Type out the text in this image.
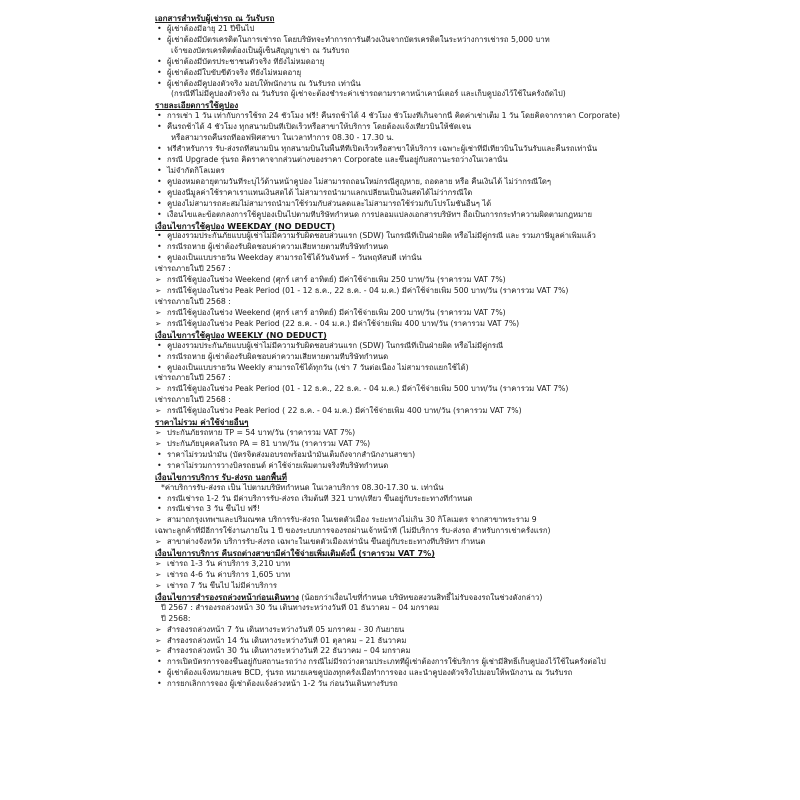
เอกสารสำหรับผู้เช่ารถ ณ วันรับรถ
• ผู้เช่าต้องมีอายุ 21 ปีขึ้นไป
• ผู้เช่าต้องมีบัตรเครดิตในการเช่ารถ โดยบริษัทจะทำการการันตีวงเงินจากบัตรเครดิตในระหว่างการเช่ารถ 5,000 บาท
เจ้าของบัตรเครดิตต้องเป็นผู้เซ็นสัญญาเช่า ณ วันรับรถ
• ผู้เช่าต้องมีบัตรประชาชนตัวจริง ที่ยังไม่หมดอายุ
• ผู้เช่าต้องมีใบขับขี่ตัวจริง ที่ยังไม่หมดอายุ
• ผู้เช่าต้องมีคูปองตัวจริง มอบให้พนักงาน ณ วันรับรถ เท่านั้น
(กรณีที่ไม่มีคูปองตัวจริง ณ วันรับรถ ผู้เช่าจะต้องชำระค่าเช่ารถตามราคาหน้าเคาน์เตอร์ และเก็บคูปองไว้ใช้ในครั้งถัดไป)
รายละเอียดการใช้คูปอง
• การเช่า 1 วัน เท่ากับการใช้รถ 24 ชั่วโมง ฟรี! คืนรถช้าได้ 4 ชั่วโมง ชั่วโมงที่เกินจากนี้ คิดค่าเช่าเต็ม 1 วัน โดยคิดจากราคา Corporate)
• คืนรถช้าได้ 4 ชั่วโมง ทุกสนามบินที่เปิดเร็วหรือสาขาให้บริการ โดยต้องแจ้งเที่ยวบินให้ชัดเจน
หรือสามารถคืนรถที่ออฟฟิศสาขา ในเวลาทำการ 08.30 - 17.30 น.
• ฟรีสำหรับการ รับ-ส่งรถที่สนามบิน ทุกสนามบินในพื้นที่ที่เปิดเร็วหรือสาขาให้บริการ เฉพาะผู้เช่าที่มีเที่ยวบินในวันรับและคืนรถเท่านั้น
• กรณี Upgrade รุ่นรถ คิดราคาจากส่วนต่างของราคา Corporate และขึ้นอยู่กับสถานะรถว่างในเวลานั้น
• ไม่จำกัดกิโลเมตร
• คูปองหมดอายุตามวันที่ระบุไว้ด้านหน้าคูปอง ไม่สามารถถอนใหม่กรณีสูญหาย, ถอดลาย หรือ คืนเงินได้ ไม่ว่ากรณีใดๆ
• คูปองนี้มูลค่าใช้ราคาเราแทนเงินสดได้ ไม่สามารถนำมาแลกเปลี่ยนเป็นเงินสดได้ไม่ว่ากรณีใด
• คูปองไม่สามารถสะสมไม่สามารถนำมาใช้ร่วมกับส่วนลดและไม่สามารถใช้ร่วมกับโปรโมชั่นอื่นๆ ได้
• เงื่อนไขและข้อตกลงการใช้คูปองเป็นไปตามที่บริษัทกำหนด การปลอมแปลงเอกสารบริษัทฯ ถือเป็นการกระทำความผิดตามกฎหมาย
เงื่อนไขการใช้คูปอง WEEKDAY (NO DEDUCT)
• คูปองรวมประกันภัยแบบผู้เช่าไม่มีความรับผิดชอบส่วนแรก (SDW) ในกรณีที่เป็นฝ่ายผิด หรือไม่มีคู่กรณี และ รวมภาษีมูลค่าเพิ่มแล้ว
• กรณีรถหาย ผู้เช่าต้องรับผิดชอบค่าความเสียหายตามที่บริษัทกำหนด
• คูปองเป็นแบบรายวัน Weekday สามารถใช้ได้วันจันทร์ – วันพฤหัสบดี เท่านั้น
เช่ารถภายในปี 2567 :
➢ กรณีใช้คูปองในช่วง Weekend (ศุกร์ เสาร์ อาทิตย์) มีค่าใช้จ่ายเพิ่ม 250 บาท/วัน (ราคารวม VAT 7%)
➢ กรณีใช้คูปองในช่วง Peak Period (01 - 12 ธ.ค., 22 ธ.ค. - 04 ม.ค.) มีค่าใช้จ่ายเพิ่ม 500 บาท/วัน (ราคารวม VAT 7%)
เช่ารถภายในปี 2568 :
➢ กรณีใช้คูปองในช่วง Weekend (ศุกร์ เสาร์ อาทิตย์) มีค่าใช้จ่ายเพิ่ม 200 บาท/วัน (ราคารวม VAT 7%)
➢ กรณีใช้คูปองในช่วง Peak Period (22 ธ.ค. - 04 ม.ค.) มีค่าใช้จ่ายเพิ่ม 400 บาท/วัน (ราคารวม VAT 7%)
เงื่อนไขการใช้คูปอง WEEKLY (NO DEDUCT)
• คูปองรวมประกันภัยแบบผู้เช่าไม่มีความรับผิดชอบส่วนแรก (SDW) ในกรณีที่เป็นฝ่ายผิด หรือไม่มีคู่กรณี
• กรณีรถหาย ผู้เช่าต้องรับผิดชอบค่าความเสียหายตามที่บริษัทกำหนด
• คูปองเป็นแบบรายวัน Weekly สามารถใช้ได้ทุกวัน (เช่า 7 วันต่อเนื่อง ไม่สามารถแยกใช้ได้)
เช่ารถภายในปี 2567 :
➢ กรณีใช้คูปองในช่วง Peak Period (01 - 12 ธ.ค., 22 ธ.ค. - 04 ม.ค.) มีค่าใช้จ่ายเพิ่ม 500 บาท/วัน (ราคารวม VAT 7%)
เช่ารถภายในปี 2568 :
➢ กรณีใช้คูปองในช่วง Peak Period ( 22 ธ.ค. - 04 ม.ค.) มีค่าใช้จ่ายเพิ่ม 400 บาท/วัน (ราคารวม VAT 7%)
ราคาไม่รวม ค่าใช้จ่ายอื่นๆ
➢ ประกันภัยรถหาย TP = 54 บาท/วัน (ราคารวม VAT 7%)
➢ ประกันภัยบุคคลในรถ PA = 81 บาท/วัน (ราคารวม VAT 7%)
• ราคาไม่รวมน้ำมัน (บัตรจิตส่งมอบรถพร้อมน้ำมันเต็มถังจากสำนักงานสาขา)
• ราคาไม่รวมการวางบิลรถยนต์ ค่าใช้จ่ายเพิ่มตามจริงที่บริษัทกำหนด
เงื่อนไขการบริการ รับ-ส่งรถ นอกพื้นที่
*ค่าบริการรับ-ส่งรถ เป็น ไปตามบริษัทกำหนด ในเวลาบริการ 08.30-17.30 น. เท่านั้น
• กรณีเช่ารถ 1-2 วัน มีค่าบริการรับ-ส่งรถ เริ่มต้นที่ 321 บาท/เที่ยว ขึ้นอยู่กับระยะทางที่กำหนด
• กรณีเช่ารถ 3 วัน ขึ้นไป ฟรี!
➢ สามาถกรุงเทพฯและปริมณฑล บริการรับ-ส่งรถ ในเขตตัวเมือง ระยะทางไม่เกิน 30 กิโลเมตร จากสาขาพระราม 9
เฉพาะลูกค้าที่มีอีการใช้งานภายใน 1 ปี ของระบบการจองรถผ่านเจ้าหน้าที่ (ไม่มีบริการ รับ-ส่งรถ สำหรับการเช่าครั้งแรก)
➢ สาขาต่างจังหวัด บริการรับ-ส่งรถ เฉพาะในเขตตัวเมืองเท่านั้น ขึ้นอยู่กับระยะทางที่บริษัทฯ กำหนด
เงื่อนไขการบริการ คืนรถต่างสาขามีค่าใช้จ่ายเพิ่มเติมดังนี้ (ราคารวม VAT 7%)
➢ เช่ารถ 1-3 วัน ค่าบริการ 3,210 บาท
➢ เช่ารถ 4-6 วัน ค่าบริการ 1,605 บาท
➢ เช่ารถ 7 วัน ขึ้นไป ไม่มีค่าบริการ
เงื่อนไขการสำรองรถล่วงหน้าก่อนเดินทาง (น้อยกว่าเงื่อนไขที่กำหนด บริษัทขอสงวนสิทธิ์ไม่รับจองรถในช่วงดังกล่าว)
ปี 2567 : สำรองรถล่วงหน้า 30 วัน เดินทางระหว่างวันที่ 01 ธันวาคม – 04 มกราคม
ปี 2568:
➢ สำรองรถล่วงหน้า 7 วัน เดินทางระหว่างวันที่ 05 มกราคม - 30 กันยายน
➢ สำรองรถล่วงหน้า 14 วัน เดินทางระหว่างวันที่ 01 ตุลาคม – 21 ธันวาคม
➢ สำรองรถล่วงหน้า 30 วัน เดินทางระหว่างวันที่ 22 ธันวาคม – 04 มกราคม
• การเปิดบัตรการจองขึ้นอยู่กับสถานะรถว่าง กรณีไม่มีรถว่างตามประเภทที่ผู้เช่าต้องการใช้บริการ ผู้เช่ามีสิทธิ์เก็บคูปองไว้ใช้ในครั้งต่อไป
• ผู้เช่าต้องแจ้งหมายเลข BCD, รุ่นรถ หมายเลขคูปองทุกครั้งเมื่อทำการจอง และนำคูปองตัวจริงไปมอบให้พนักงาน ณ วันรับรถ
• การยกเลิกการจอง ผู้เช่าต้องแจ้งล่วงหน้า 1-2 วัน ก่อนวันเดินทางรับรถ
